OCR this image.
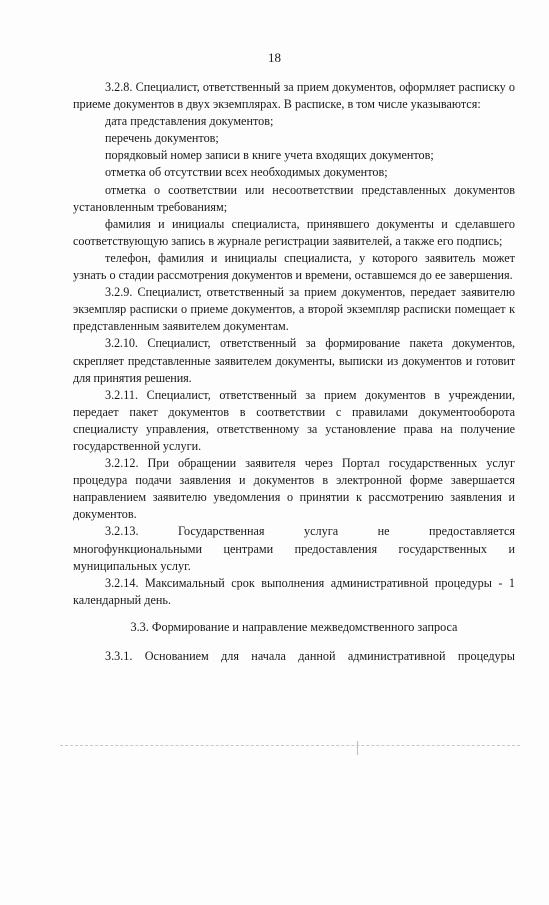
18

3.2.8. Специалист, ответственный за прием документов, оформляет расписку о приеме документов в двух экземплярах. В расписке, в том числе указываются:

дата представления документов;

перечень документов;

порядковый номер записи в книге учета входящих документов;

отметка об отсутствии всех необходимых документов;

отметка о соответствии или несоответствии представленных документов установленным требованиям;

фамилия и инициалы специалиста, принявшего документы и сделавшего соответствующую запись в журнале регистрации заявителей, а также его подпись;

телефон, фамилия и инициалы специалиста, у которого заявитель может узнать о стадии рассмотрения документов и времени, оставшемся до ее завершения.

3.2.9. Специалист, ответственный за прием документов, передает заявителю экземпляр расписки о приеме документов, а второй экземпляр расписки помещает к представленным заявителем документам.

3.2.10. Специалист, ответственный за формирование пакета документов, скрепляет представленные заявителем документы, выписки из документов и готовит для принятия решения.

3.2.11. Специалист, ответственный за прием документов в учреждении, передает пакет документов в соответствии с правилами документооборота специалисту управления, ответственному за установление права на получение государственной услуги.

3.2.12. При обращении заявителя через Портал государственных услуг процедура подачи заявления и документов в электронной форме завершается направлением заявителю уведомления о принятии к рассмотрению заявления и документов.

3.2.13.	Государственная	услуга	не	предоставляется
многофункциональными центрами предоставления государственных и

муниципальных услуг.

3.2.14. Максимальный срок выполнения административной процедуры - 1 календарный день.

3.3. Формирование и направление межведомственного запроса

3.3.1. Основанием для начала данной административной процедуры
